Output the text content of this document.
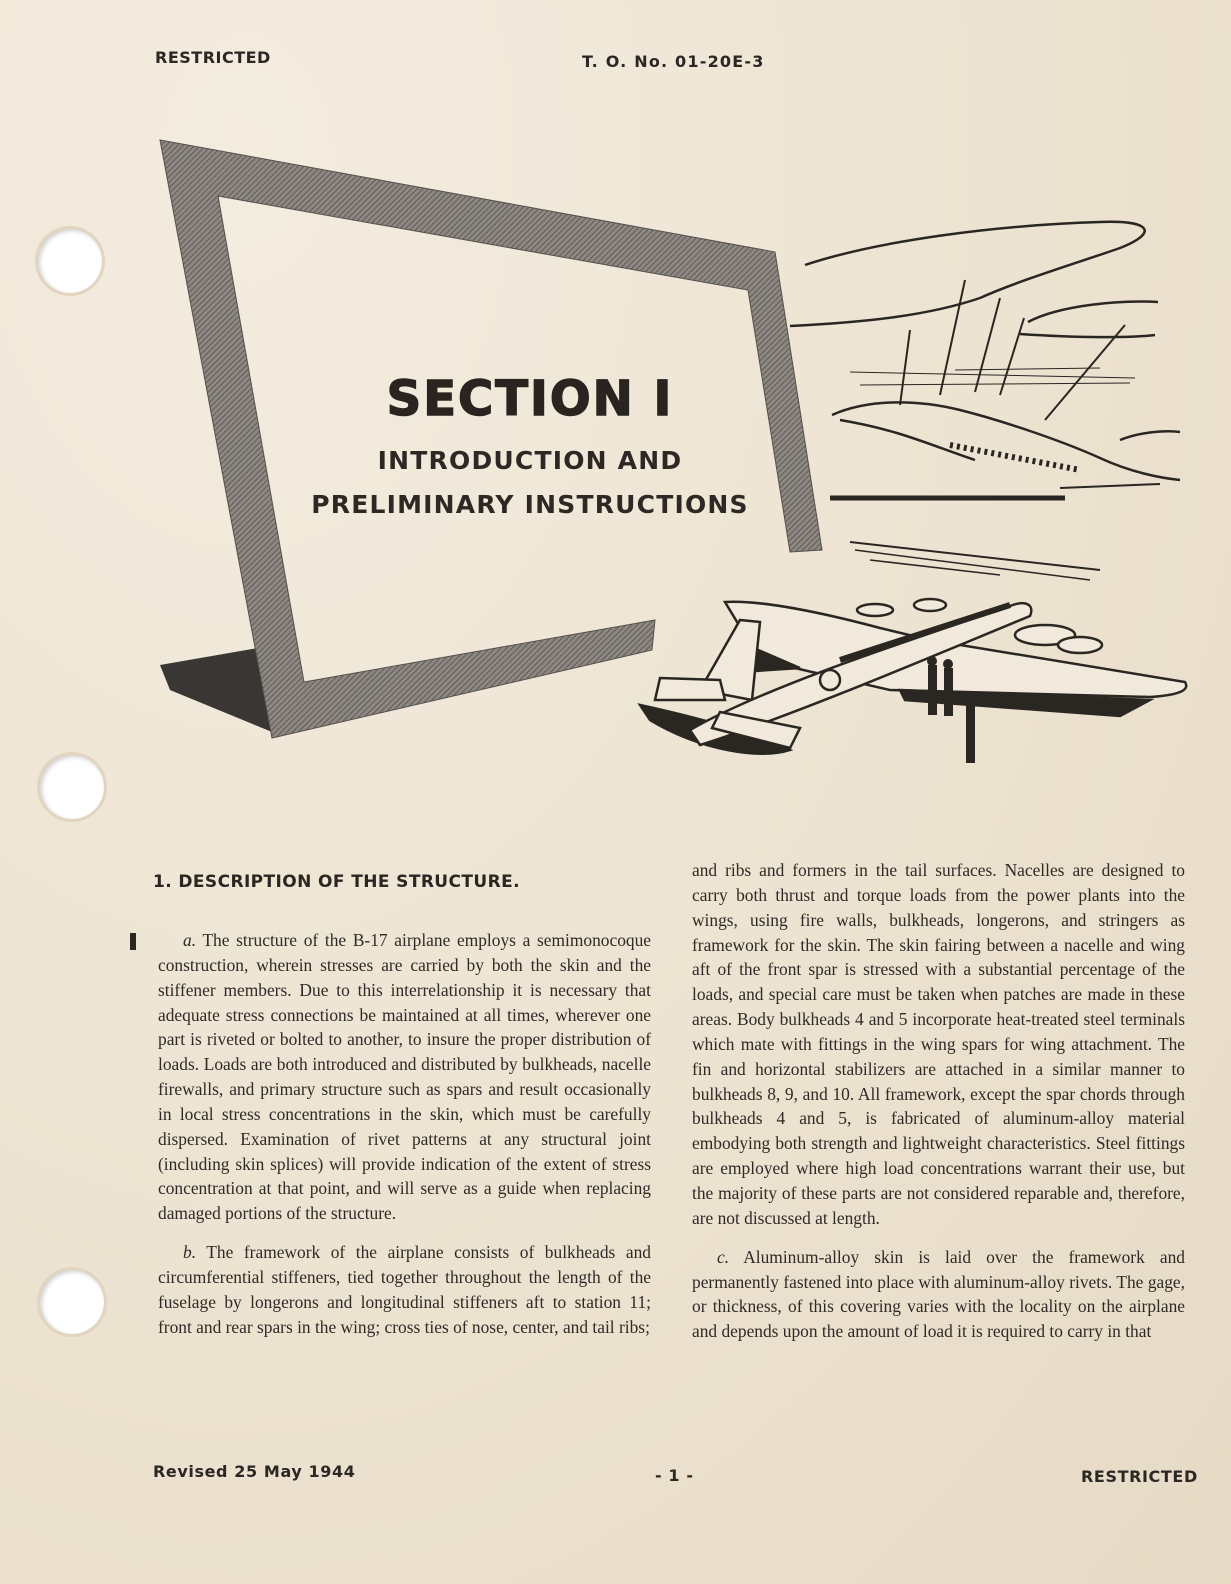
RESTRICTED	T. O. No. 01-20E-3
SECTION I
INTRODUCTION AND
PRELIMINARY INSTRUCTIONS
1. DESCRIPTION OF THE STRUCTURE.

a. The structure of the B-17 airplane employs a semimonocoque construction, wherein stresses are carried by both the skin and the stiffener members. Due to this interrelationship it is necessary that adequate stress connections be maintained at all times, wherever one part is riveted or bolted to another, to insure the proper distribution of loads. Loads are both introduced and distributed by bulkheads, nacelle firewalls, and primary structure such as spars and result occasionally in local stress concentrations in the skin, which must be carefully dispersed. Examination of rivet patterns at any structural joint (including skin splices) will provide indication of the extent of stress concentration at that point, and will serve as a guide when replacing damaged portions of the structure.

b. The framework of the airplane consists of bulkheads and circumferential stiffeners, tied together throughout the length of the fuselage by longerons and longitudinal stiffeners aft to station 11; front and rear spars in the wing; cross ties of nose, center, and tail ribs;

and ribs and formers in the tail surfaces. Nacelles are designed to carry both thrust and torque loads from the power plants into the wings, using fire walls, bulkheads, longerons, and stringers as framework for the skin. The skin fairing between a nacelle and wing aft of the front spar is stressed with a substantial percentage of the loads, and special care must be taken when patches are made in these areas. Body bulkheads 4 and 5 incorporate heat-treated steel terminals which mate with fittings in the wing spars for wing attachment. The fin and horizontal stabilizers are attached in a similar manner to bulkheads 8, 9, and 10. All framework, except the spar chords through bulkheads 4 and 5, is fabricated of aluminum-alloy material embodying both strength and lightweight characteristics. Steel fittings are employed where high load concentrations warrant their use, but the majority of these parts are not considered reparable and, therefore, are not discussed at length.

c. Aluminum-alloy skin is laid over the framework and permanently fastened into place with aluminum-alloy rivets. The gage, or thickness, of this covering varies with the locality on the airplane and depends upon the amount of load it is required to carry in that

Revised 25 May 1944	- 1 -	RESTRICTED
